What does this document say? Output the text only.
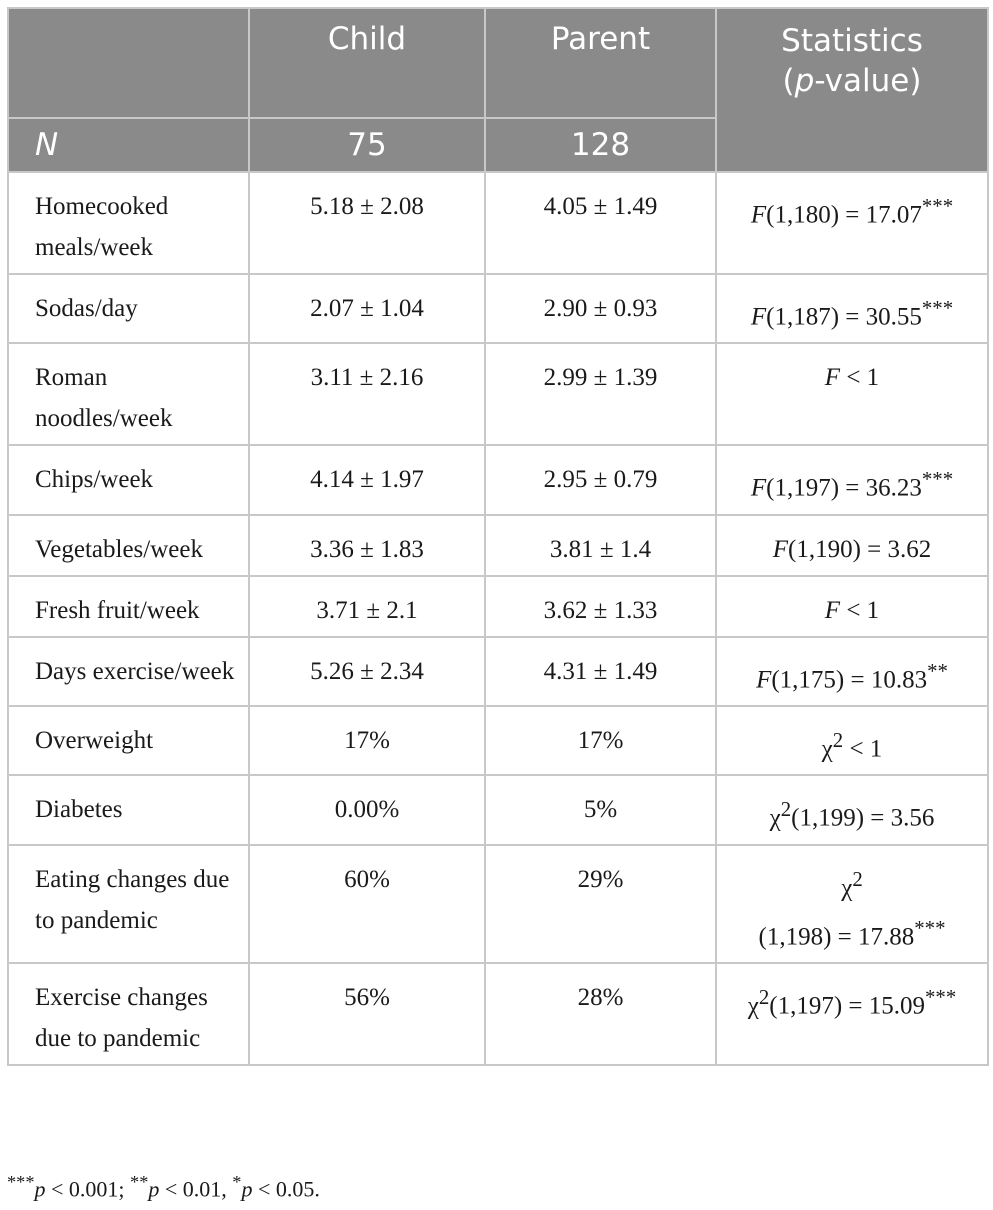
	Child	Parent	Statistics
(p-value)
N	75	128	
Homecooked meals/week	5.18 ± 2.08	4.05 ± 1.49	F(1,180) = 17.07***
Sodas/day	2.07 ± 1.04	2.90 ± 0.93	F(1,187) = 30.55***
Roman noodles/week	3.11 ± 2.16	2.99 ± 1.39	F < 1
Chips/week	4.14 ± 1.97	2.95 ± 0.79	F(1,197) = 36.23***
Vegetables/week	3.36 ± 1.83	3.81 ± 1.4	F(1,190) = 3.62
Fresh fruit/week	3.71 ± 2.1	3.62 ± 1.33	F < 1
Days exercise/week	5.26 ± 2.34	4.31 ± 1.49	F(1,175) = 10.83**
Overweight	17%	17%	$\chi^2 < 1$
Diabetes	0.00%	5%	$\chi^2(1,199) = 3.56$
Eating changes due to pandemic	60%	29%	$\chi^2$
(1,198) = 17.88***
Exercise changes due to pandemic	56%	28%	$\chi^2(1,197) = 15.09^{***}$
***p < 0.001; **p < 0.01, *p < 0.05.
